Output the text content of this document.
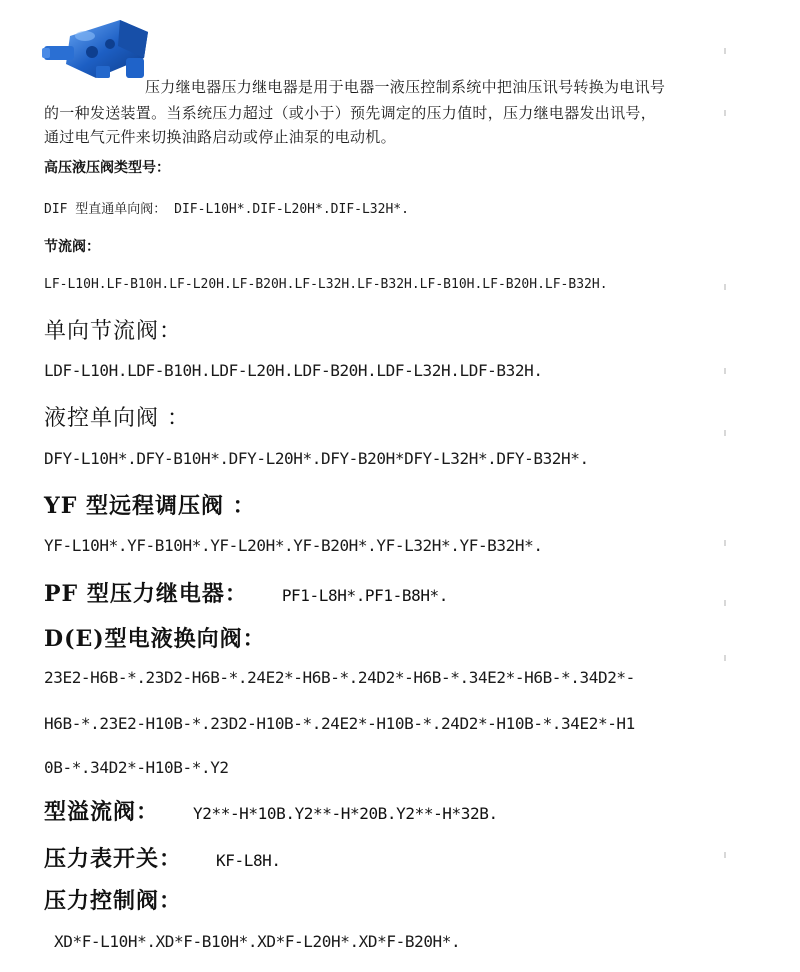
压力继电器压力继电器是用于电器一液压控制系统中把油压讯号转换为电讯号
的一种发送装置。当系统压力超过（或小于）预先调定的压力值时，压力继电器发出讯号，
通过电气元件来切换油路启动或停止油泵的电动机。
高压液压阀类型号：
DIF 型直通单向阀： DIF-L10H*.DIF-L20H*.DIF-L32H*.
节流阀：
LF-L10H.LF-B10H.LF-L20H.LF-B20H.LF-L32H.LF-B32H.LF-B10H.LF-B20H.LF-B32H.
单向节流阀：
LDF-L10H.LDF-B10H.LDF-L20H.LDF-B20H.LDF-L32H.LDF-B32H.
液控单向阀 ：
DFY-L10H*.DFY-B10H*.DFY-L20H*.DFY-B20H*DFY-L32H*.DFY-B32H*.
YF 型远程调压阀 ：
YF-L10H*.YF-B10H*.YF-L20H*.YF-B20H*.YF-L32H*.YF-B32H*.
PF 型压力继电器： PF1-L8H*.PF1-B8H*.
D(E)型电液换向阀：
23E2-H6B-*.23D2-H6B-*.24E2*-H6B-*.24D2*-H6B-*.34E2*-H6B-*.34D2*-
H6B-*.23E2-H10B-*.23D2-H10B-*.24E2*-H10B-*.24D2*-H10B-*.34E2*-H1
0B-*.34D2*-H10B-*.Y2
型溢流阀： Y2**-H*10B.Y2**-H*20B.Y2**-H*32B.
压力表开关： KF-L8H.
压力控制阀：
XD*F-L10H*.XD*F-B10H*.XD*F-L20H*.XD*F-B20H*.
